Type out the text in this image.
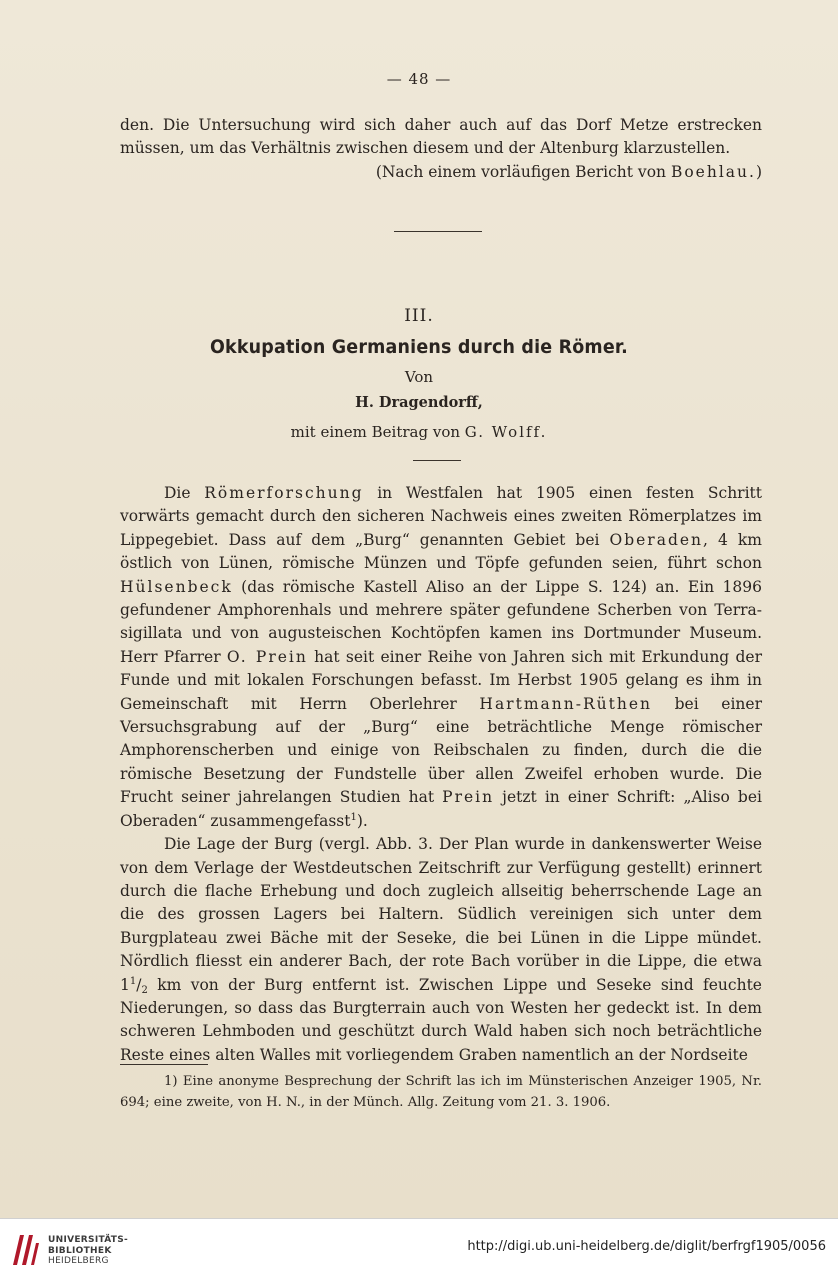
— 48 —

den. Die Untersuchung wird sich daher auch auf das Dorf Metze erstrecken müssen, um das Verhältnis zwischen diesem und der Altenburg klarzustellen.

(Nach einem vorläufigen Bericht von Boehlau.)

III.
Okkupation Germaniens durch die Römer.
Von
H. Dragendorff,
mit einem Beitrag von G. Wolff.

Die Römerforschung in Westfalen hat 1905 einen festen Schritt vorwärts gemacht durch den sicheren Nachweis eines zweiten Römerplatzes im Lippegebiet. Dass auf dem „Burg“ genannten Gebiet bei Oberaden, 4 km östlich von Lünen, römische Münzen und Töpfe gefunden seien, führt schon Hülsenbeck (das römische Kastell Aliso an der Lippe S. 124) an. Ein 1896 gefundener Amphorenhals und mehrere später gefundene Scherben von Terra-sigillata und von augusteischen Kochtöpfen kamen ins Dortmunder Museum. Herr Pfarrer O. Prein hat seit einer Reihe von Jahren sich mit Erkundung der Funde und mit lokalen Forschungen befasst. Im Herbst 1905 gelang es ihm in Gemeinschaft mit Herrn Oberlehrer Hartmann-Rüthen bei einer Versuchsgrabung auf der „Burg“ eine beträchtliche Menge römischer Amphorenscherben und einige von Reibschalen zu finden, durch die die römische Besetzung der Fundstelle über allen Zweifel erhoben wurde. Die Frucht seiner jahrelangen Studien hat Prein jetzt in einer Schrift: „Aliso bei Oberaden“ zusammengefasst$^1$).

Die Lage der Burg (vergl. Abb. 3. Der Plan wurde in dankenswerter Weise von dem Verlage der Westdeutschen Zeitschrift zur Verfügung gestellt) erinnert durch die flache Erhebung und doch zugleich allseitig beherrschende Lage an die des grossen Lagers bei Haltern. Südlich vereinigen sich unter dem Burgplateau zwei Bäche mit der Seseke, die bei Lünen in die Lippe mündet. Nördlich fliesst ein anderer Bach, der rote Bach vorüber in die Lippe, die etwa $1^1/_2$ km von der Burg entfernt ist. Zwischen Lippe und Seseke sind feuchte Niederungen, so dass das Burgterrain auch von Westen her gedeckt ist. In dem schweren Lehmboden und geschützt durch Wald haben sich noch beträchtliche Reste eines alten Walles mit vorliegendem Graben namentlich an der Nordseite

1) Eine anonyme Besprechung der Schrift las ich im Münsterischen Anzeiger 1905, Nr. 694; eine zweite, von H. N., in der Münch. Allg. Zeitung vom 21. 3. 1906.

UNIVERSITÄTS-
BIBLIOTHEK
HEIDELBERG
http://digi.ub.uni-heidelberg.de/diglit/berfrgf1905/0056
